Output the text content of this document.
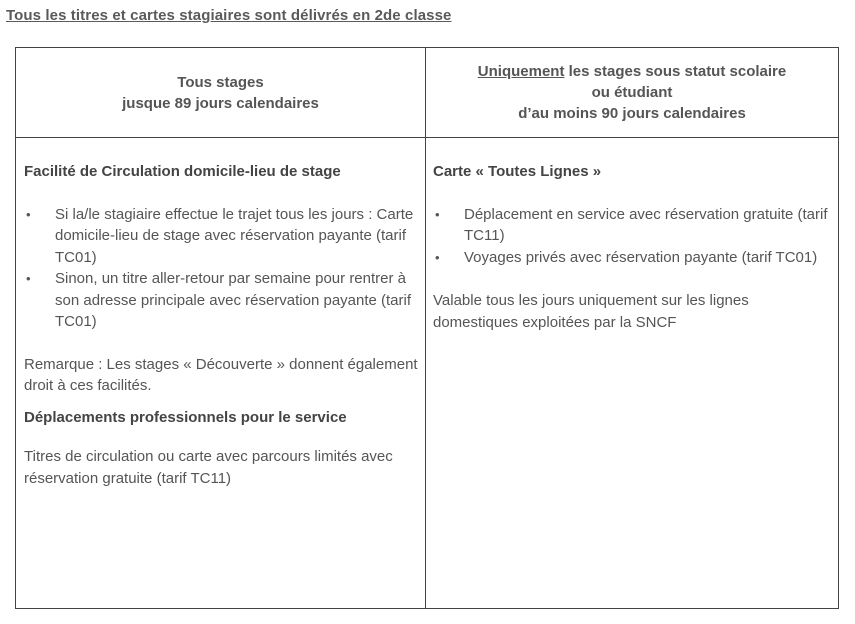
Tous les titres et cartes stagiaires sont délivrés en 2de classe
Tous stages
jusque 89 jours calendaires
Uniquement les stages sous statut scolaire
ou étudiant
d’au moins 90 jours calendaires
Facilité de Circulation domicile-lieu de stage
• Si la/le stagiaire effectue le trajet tous les jours : Carte domicile-lieu de stage avec réservation payante (tarif TC01)
• Sinon, un titre aller-retour par semaine pour rentrer à son adresse principale avec réservation payante (tarif TC01)

Remarque : Les stages « Découverte » donnent également droit à ces facilités.

Déplacements professionnels pour le service

Titres de circulation ou carte avec parcours limités avec réservation gratuite (tarif TC11)

Carte « Toutes Lignes »
• Déplacement en service avec réservation gratuite (tarif TC11)
• Voyages privés avec réservation payante (tarif TC01)

Valable tous les jours uniquement sur les lignes domestiques exploitées par la SNCF
